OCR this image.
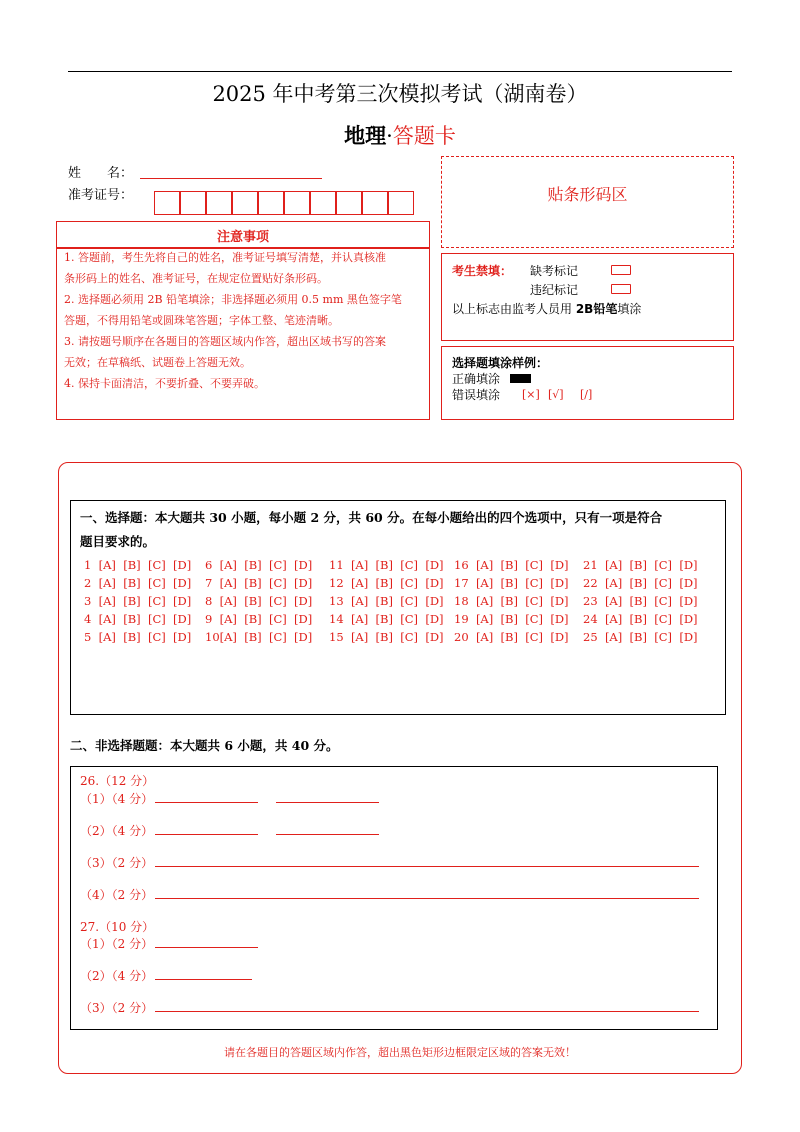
2025 年中考第三次模拟考试（湖南卷）
地理·答题卡
姓　　名：
准考证号：	贴条形码区
注意事项
1. 答题前，考生先将自己的姓名，准考证号填写清楚，并认真核准
条形码上的姓名、准考证号，在规定位置贴好条形码。
2. 选择题必须用 2B 铅笔填涂；非选择题必须用 0.5 mm 黑色签字笔
答题，不得用铅笔或圆珠笔答题；字体工整、笔迹清晰。
3. 请按题号顺序在各题目的答题区域内作答，超出区域书写的答案
无效；在草稿纸、试题卷上答题无效。
4. 保持卡面清洁，不要折叠、不要弄破。
考生禁填： 缺考标记
违纪标记
以上标志由监考人员用 2B铅笔填涂
选择题填涂样例：
正确填涂
错误填涂 [×] [√] [/]
一、选择题：本大题共 30 小题，每小题 2 分，共 60 分。在每小题给出的四个选项中，只有一项是符合
题目要求的。
1  [A]  [B]  [C]  [D]
2  [A]  [B]  [C]  [D]
3  [A]  [B]  [C]  [D]
4  [A]  [B]  [C]  [D]
5  [A]  [B]  [C]  [D]
6  [A]  [B]  [C]  [D]
7  [A]  [B]  [C]  [D]
8  [A]  [B]  [C]  [D]
9  [A]  [B]  [C]  [D]
10[A]  [B]  [C]  [D]
11  [A]  [B]  [C]  [D]
12  [A]  [B]  [C]  [D]
13  [A]  [B]  [C]  [D]
14  [A]  [B]  [C]  [D]
15  [A]  [B]  [C]  [D]
16  [A]  [B]  [C]  [D]
17  [A]  [B]  [C]  [D]
18  [A]  [B]  [C]  [D]
19  [A]  [B]  [C]  [D]
20  [A]  [B]  [C]  [D]
21  [A]  [B]  [C]  [D]
22  [A]  [B]  [C]  [D]
23  [A]  [B]  [C]  [D]
24  [A]  [B]  [C]  [D]
25  [A]  [B]  [C]  [D]
二、非选择题题：本大题共 6 小题，共 40 分。
26.（12 分）
（1）（4 分）
（2）（4 分）
（3）（2 分）
（4）（2 分）
27.（10 分）
（1）（2 分）
（2）（4 分）
（3）（2 分）
请在各题目的答题区域内作答，超出黑色矩形边框限定区域的答案无效！
